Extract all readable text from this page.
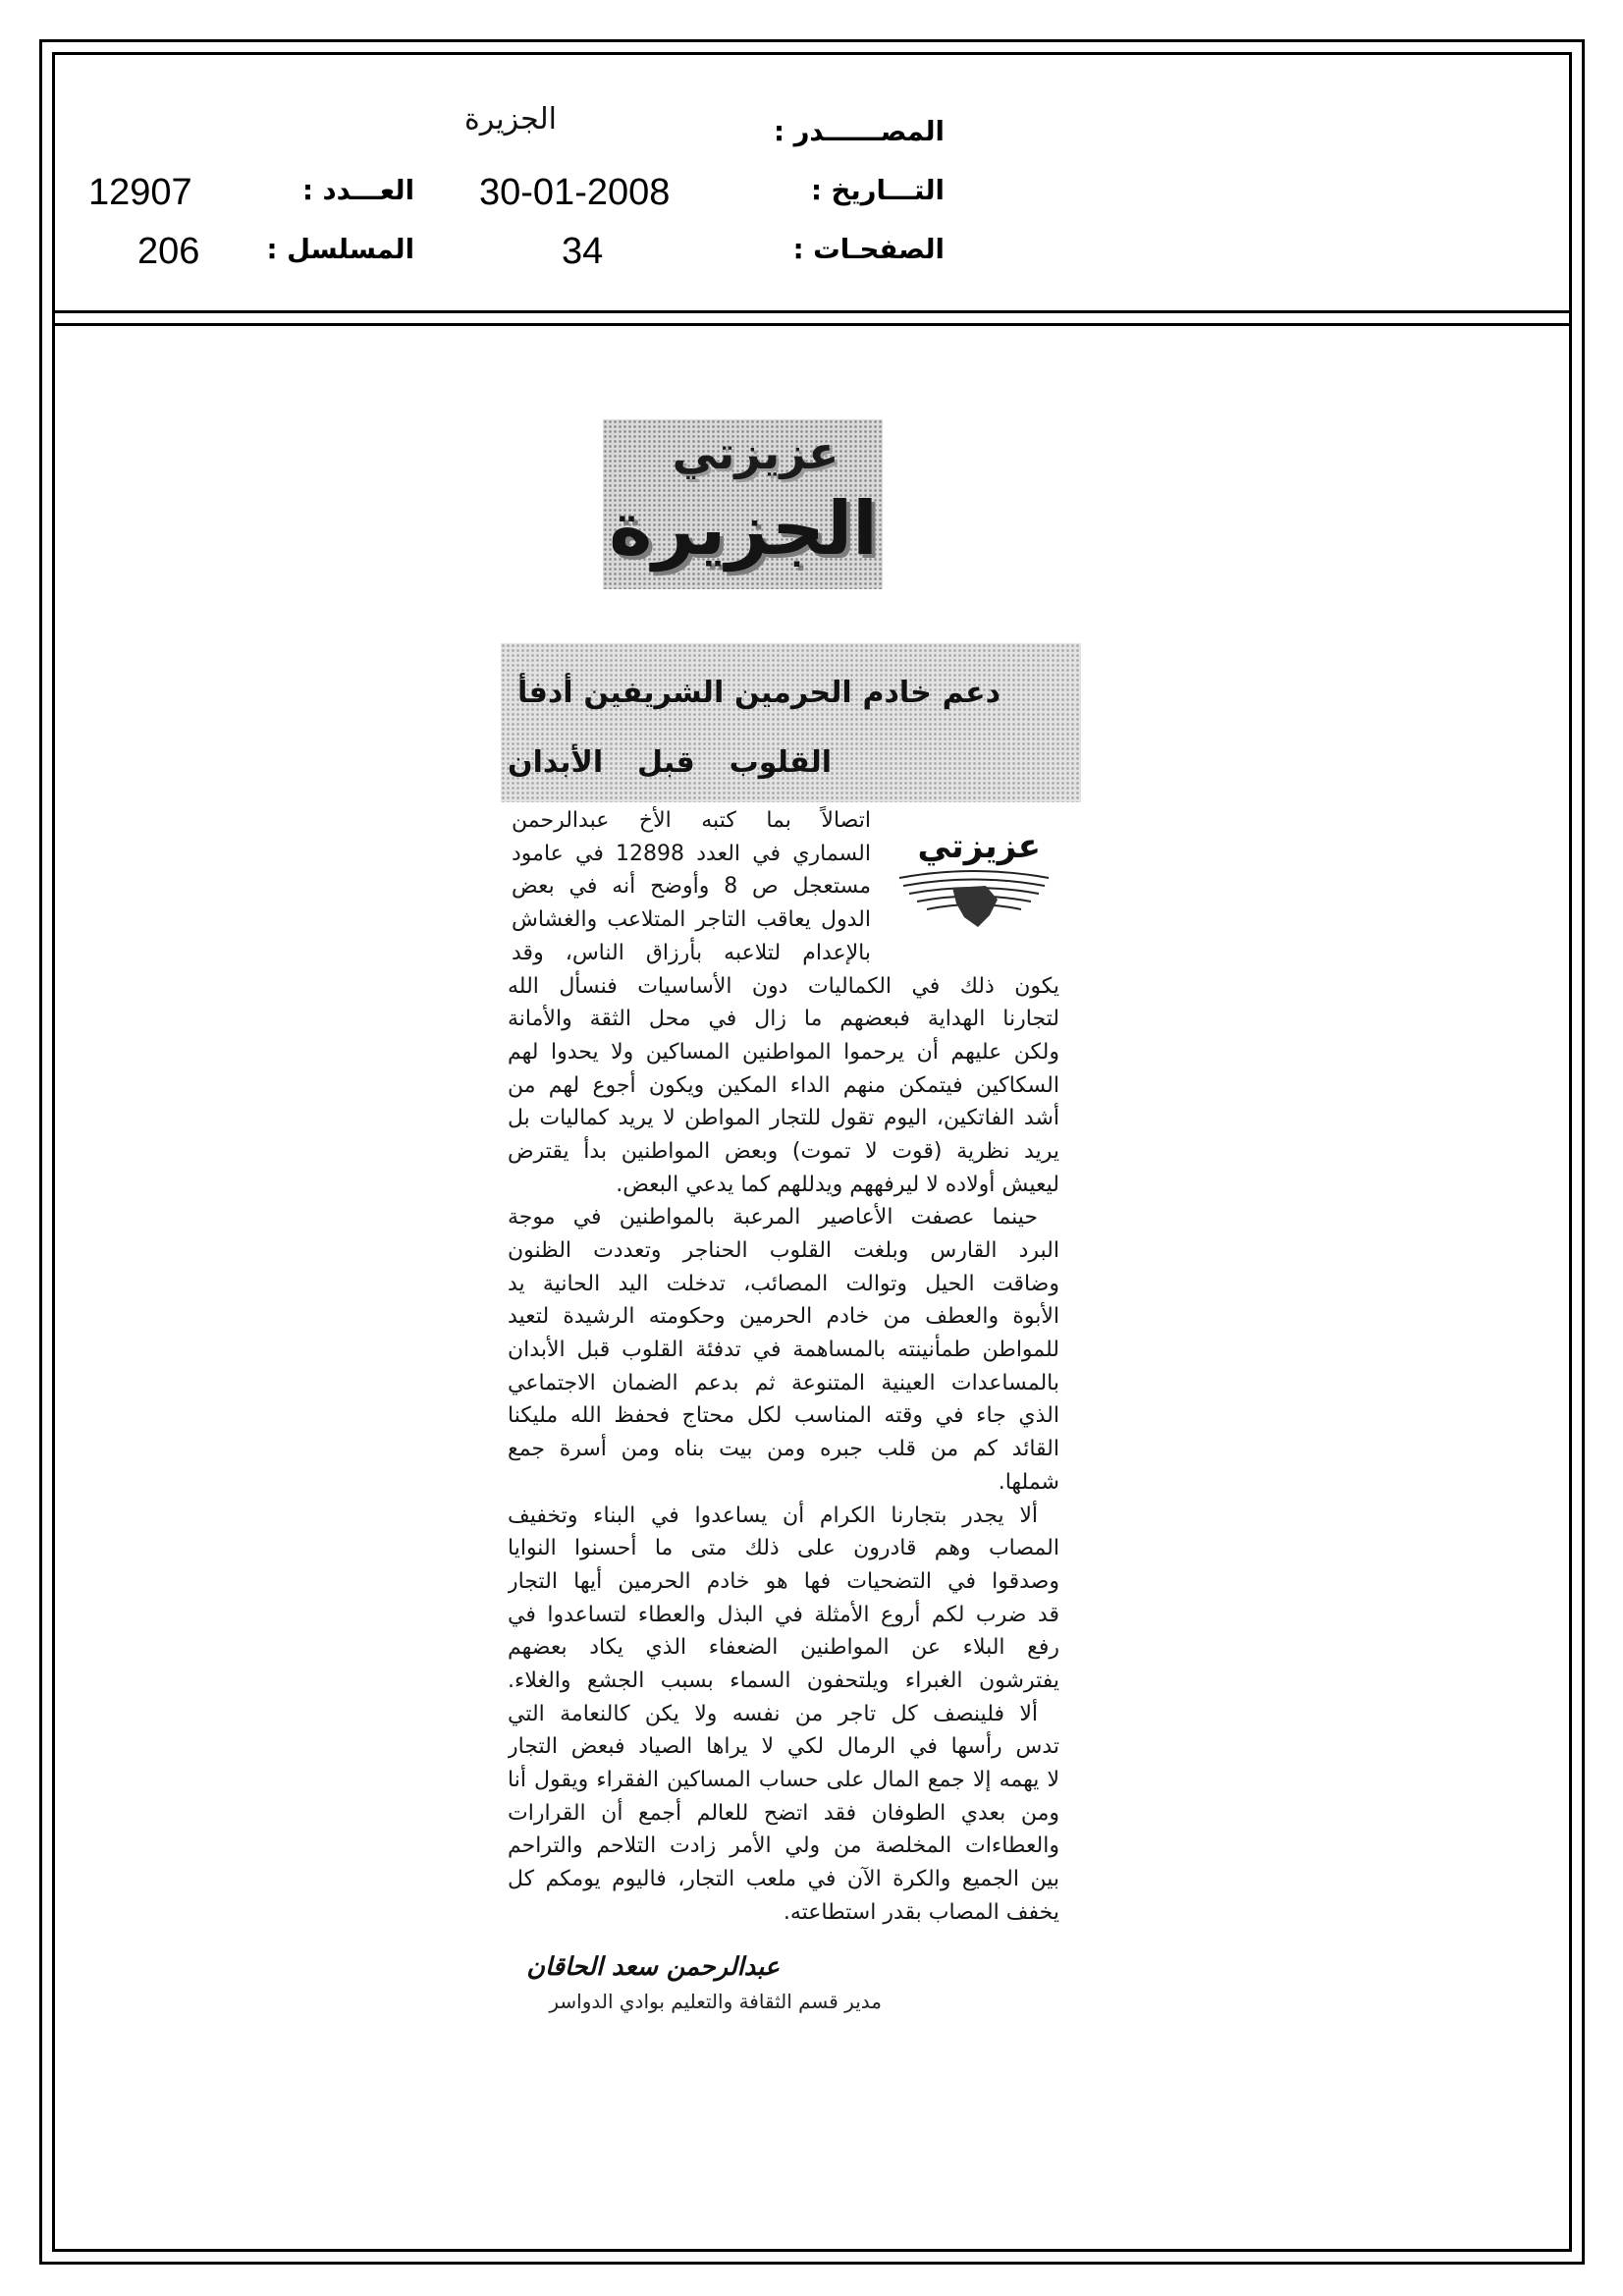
المصــــــدر :
الجزيرة
التـــاريخ :
30-01-2008
العـــدد :
12907
الصفحـات :
34
المسلسل :
206
عزيزتي
الجزيرة
دعم خادم الحرمين الشريفين أدفأ
القلوب قبل الأبدان
عزيزتي
اتصالاً بما كتبه الأخ عبدالرحمن
السماري في العدد 12898 في عامود
مستعجل ص 8 وأوضح أنه في بعض
الدول يعاقب التاجر المتلاعب والغشاش
بالإعدام لتلاعبه بأرزاق الناس، وقد
يكون ذلك في الكماليات دون الأساسيات فنسأل الله
لتجارنا الهداية فبعضهم ما زال في محل الثقة والأمانة
ولكن عليهم أن يرحموا المواطنين المساكين ولا يحدوا لهم
السكاكين فيتمكن منهم الداء المكين ويكون أجوع لهم من
أشد الفاتكين، اليوم تقول للتجار المواطن لا يريد كماليات بل
يريد نظرية (قوت لا تموت) وبعض المواطنين بدأ يقترض
ليعيش أولاده لا ليرفههم ويدللهم كما يدعي البعض.
حينما عصفت الأعاصير المرعبة بالمواطنين في موجة
البرد القارس وبلغت القلوب الحناجر وتعددت الظنون
وضاقت الحيل وتوالت المصائب، تدخلت اليد الحانية يد
الأبوة والعطف من خادم الحرمين وحكومته الرشيدة لتعيد
للمواطن طمأنينته بالمساهمة في تدفئة القلوب قبل الأبدان
بالمساعدات العينية المتنوعة ثم بدعم الضمان الاجتماعي
الذي جاء في وقته المناسب لكل محتاج فحفظ الله مليكنا
القائد كم من قلب جبره ومن بيت بناه ومن أسرة جمع
شملها.
ألا يجدر بتجارنا الكرام أن يساعدوا في البناء وتخفيف
المصاب وهم قادرون على ذلك متى ما أحسنوا النوايا
وصدقوا في التضحيات فها هو خادم الحرمين أيها التجار
قد ضرب لكم أروع الأمثلة في البذل والعطاء لتساعدوا في
رفع البلاء عن المواطنين الضعفاء الذي يكاد بعضهم
يفترشون الغبراء ويلتحفون السماء بسبب الجشع والغلاء.
ألا فلينصف كل تاجر من نفسه ولا يكن كالنعامة التي
تدس رأسها في الرمال لكي لا يراها الصياد فبعض التجار
لا يهمه إلا جمع المال على حساب المساكين الفقراء ويقول أنا
ومن بعدي الطوفان فقد اتضح للعالم أجمع أن القرارات
والعطاءات المخلصة من ولي الأمر زادت التلاحم والتراحم
بين الجميع والكرة الآن في ملعب التجار، فاليوم يومكم كل
يخفف المصاب بقدر استطاعته.
عبدالرحمن سعد الحاقان
مدير قسم الثقافة والتعليم بوادي الدواسر
